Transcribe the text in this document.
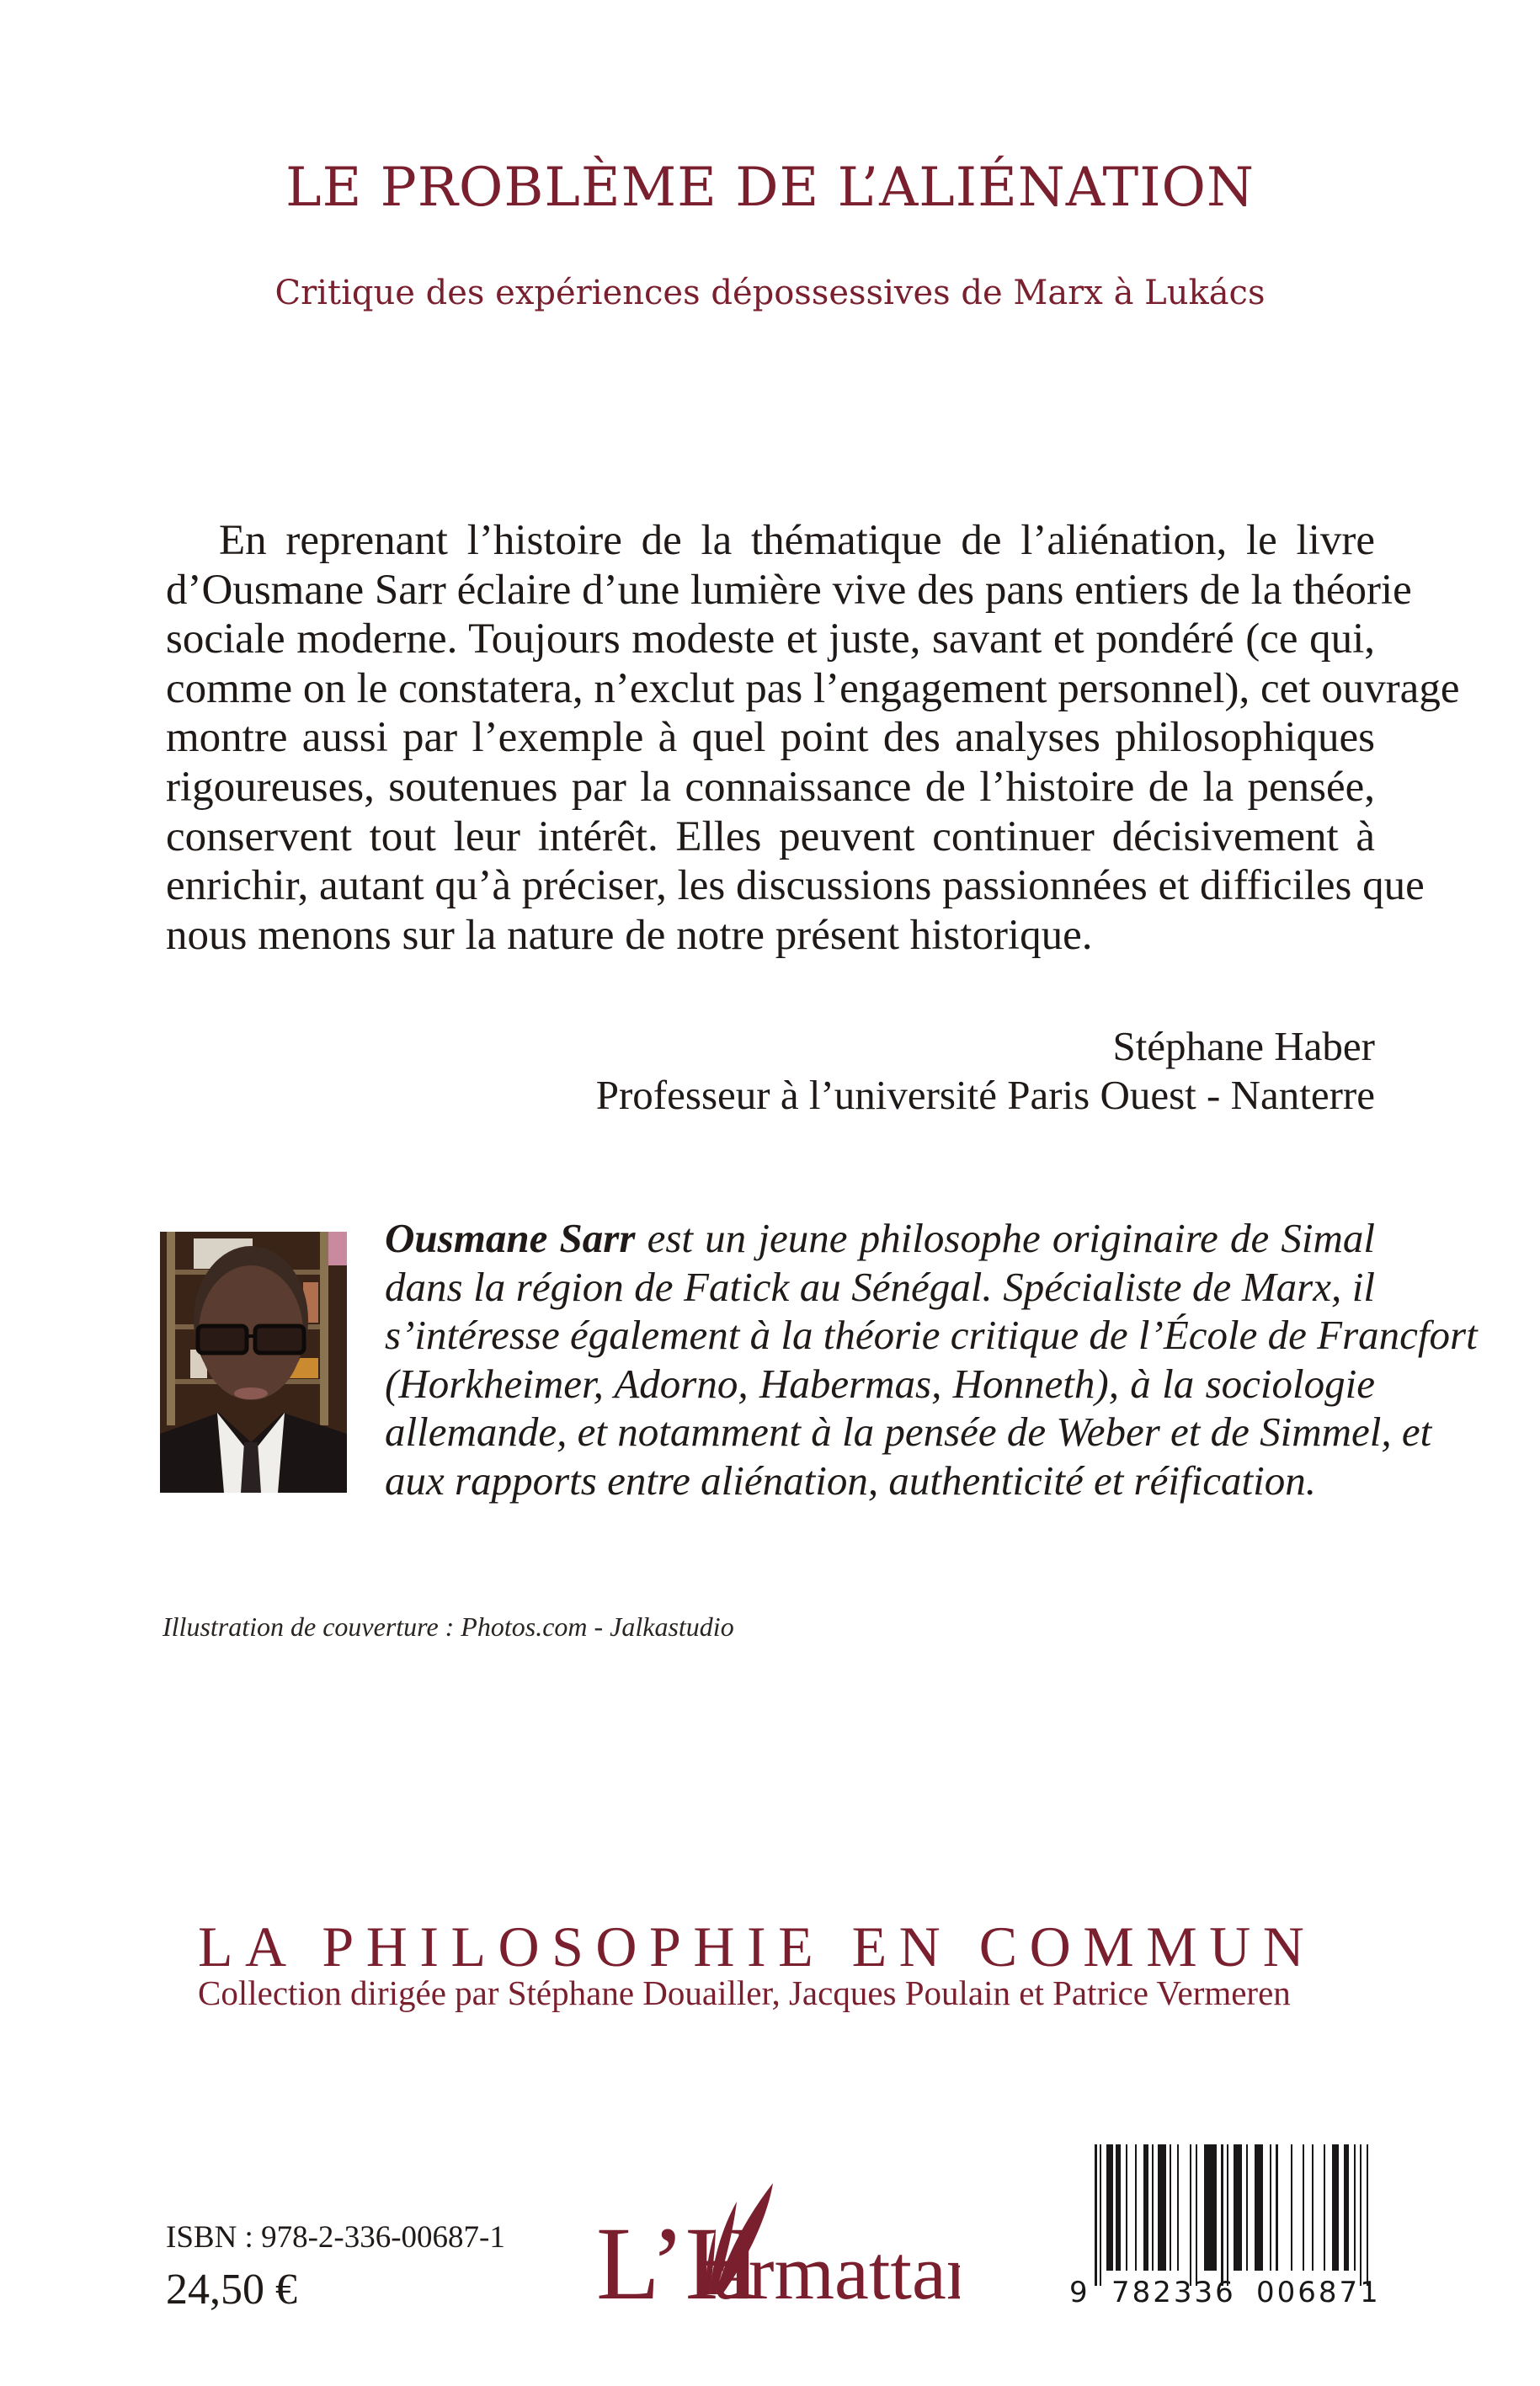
LE PROBLÈME DE L’ALIÉNATION
Critique des expériences dépossessives de Marx à Lukács
En reprenant l’histoire de la thématique de l’aliénation, le livre
d’Ousmane Sarr éclaire d’une lumière vive des pans entiers de la théorie
sociale moderne. Toujours modeste et juste, savant et pondéré (ce qui,
comme on le constatera, n’exclut pas l’engagement personnel), cet ouvrage
montre aussi par l’exemple à quel point des analyses philosophiques
rigoureuses, soutenues par la connaissance de l’histoire de la pensée,
conservent tout leur intérêt. Elles peuvent continuer décisivement à
enrichir, autant qu’à préciser, les discussions passionnées et difficiles que
nous menons sur la nature de notre présent historique.
Stéphane Haber
Professeur à l’université Paris Ouest - Nanterre
Ousmane Sarr est un jeune philosophe originaire de Simal
dans la région de Fatick au Sénégal. Spécialiste de Marx, il
s’intéresse également à la théorie critique de l’École de Francfort
(Horkheimer, Adorno, Habermas, Honneth), à la sociologie
allemande, et notamment à la pensée de Weber et de Simmel, et
aux rapports entre aliénation, authenticité et réification.
Illustration de couverture : Photos.com - Jalkastudio
LA PHILOSOPHIE EN COMMUN
Collection dirigée par Stéphane Douailler, Jacques Poulain et Patrice Vermeren
ISBN : 978-2-336-00687-1
24,50 €	L’H
armattan	9 782336 006871
